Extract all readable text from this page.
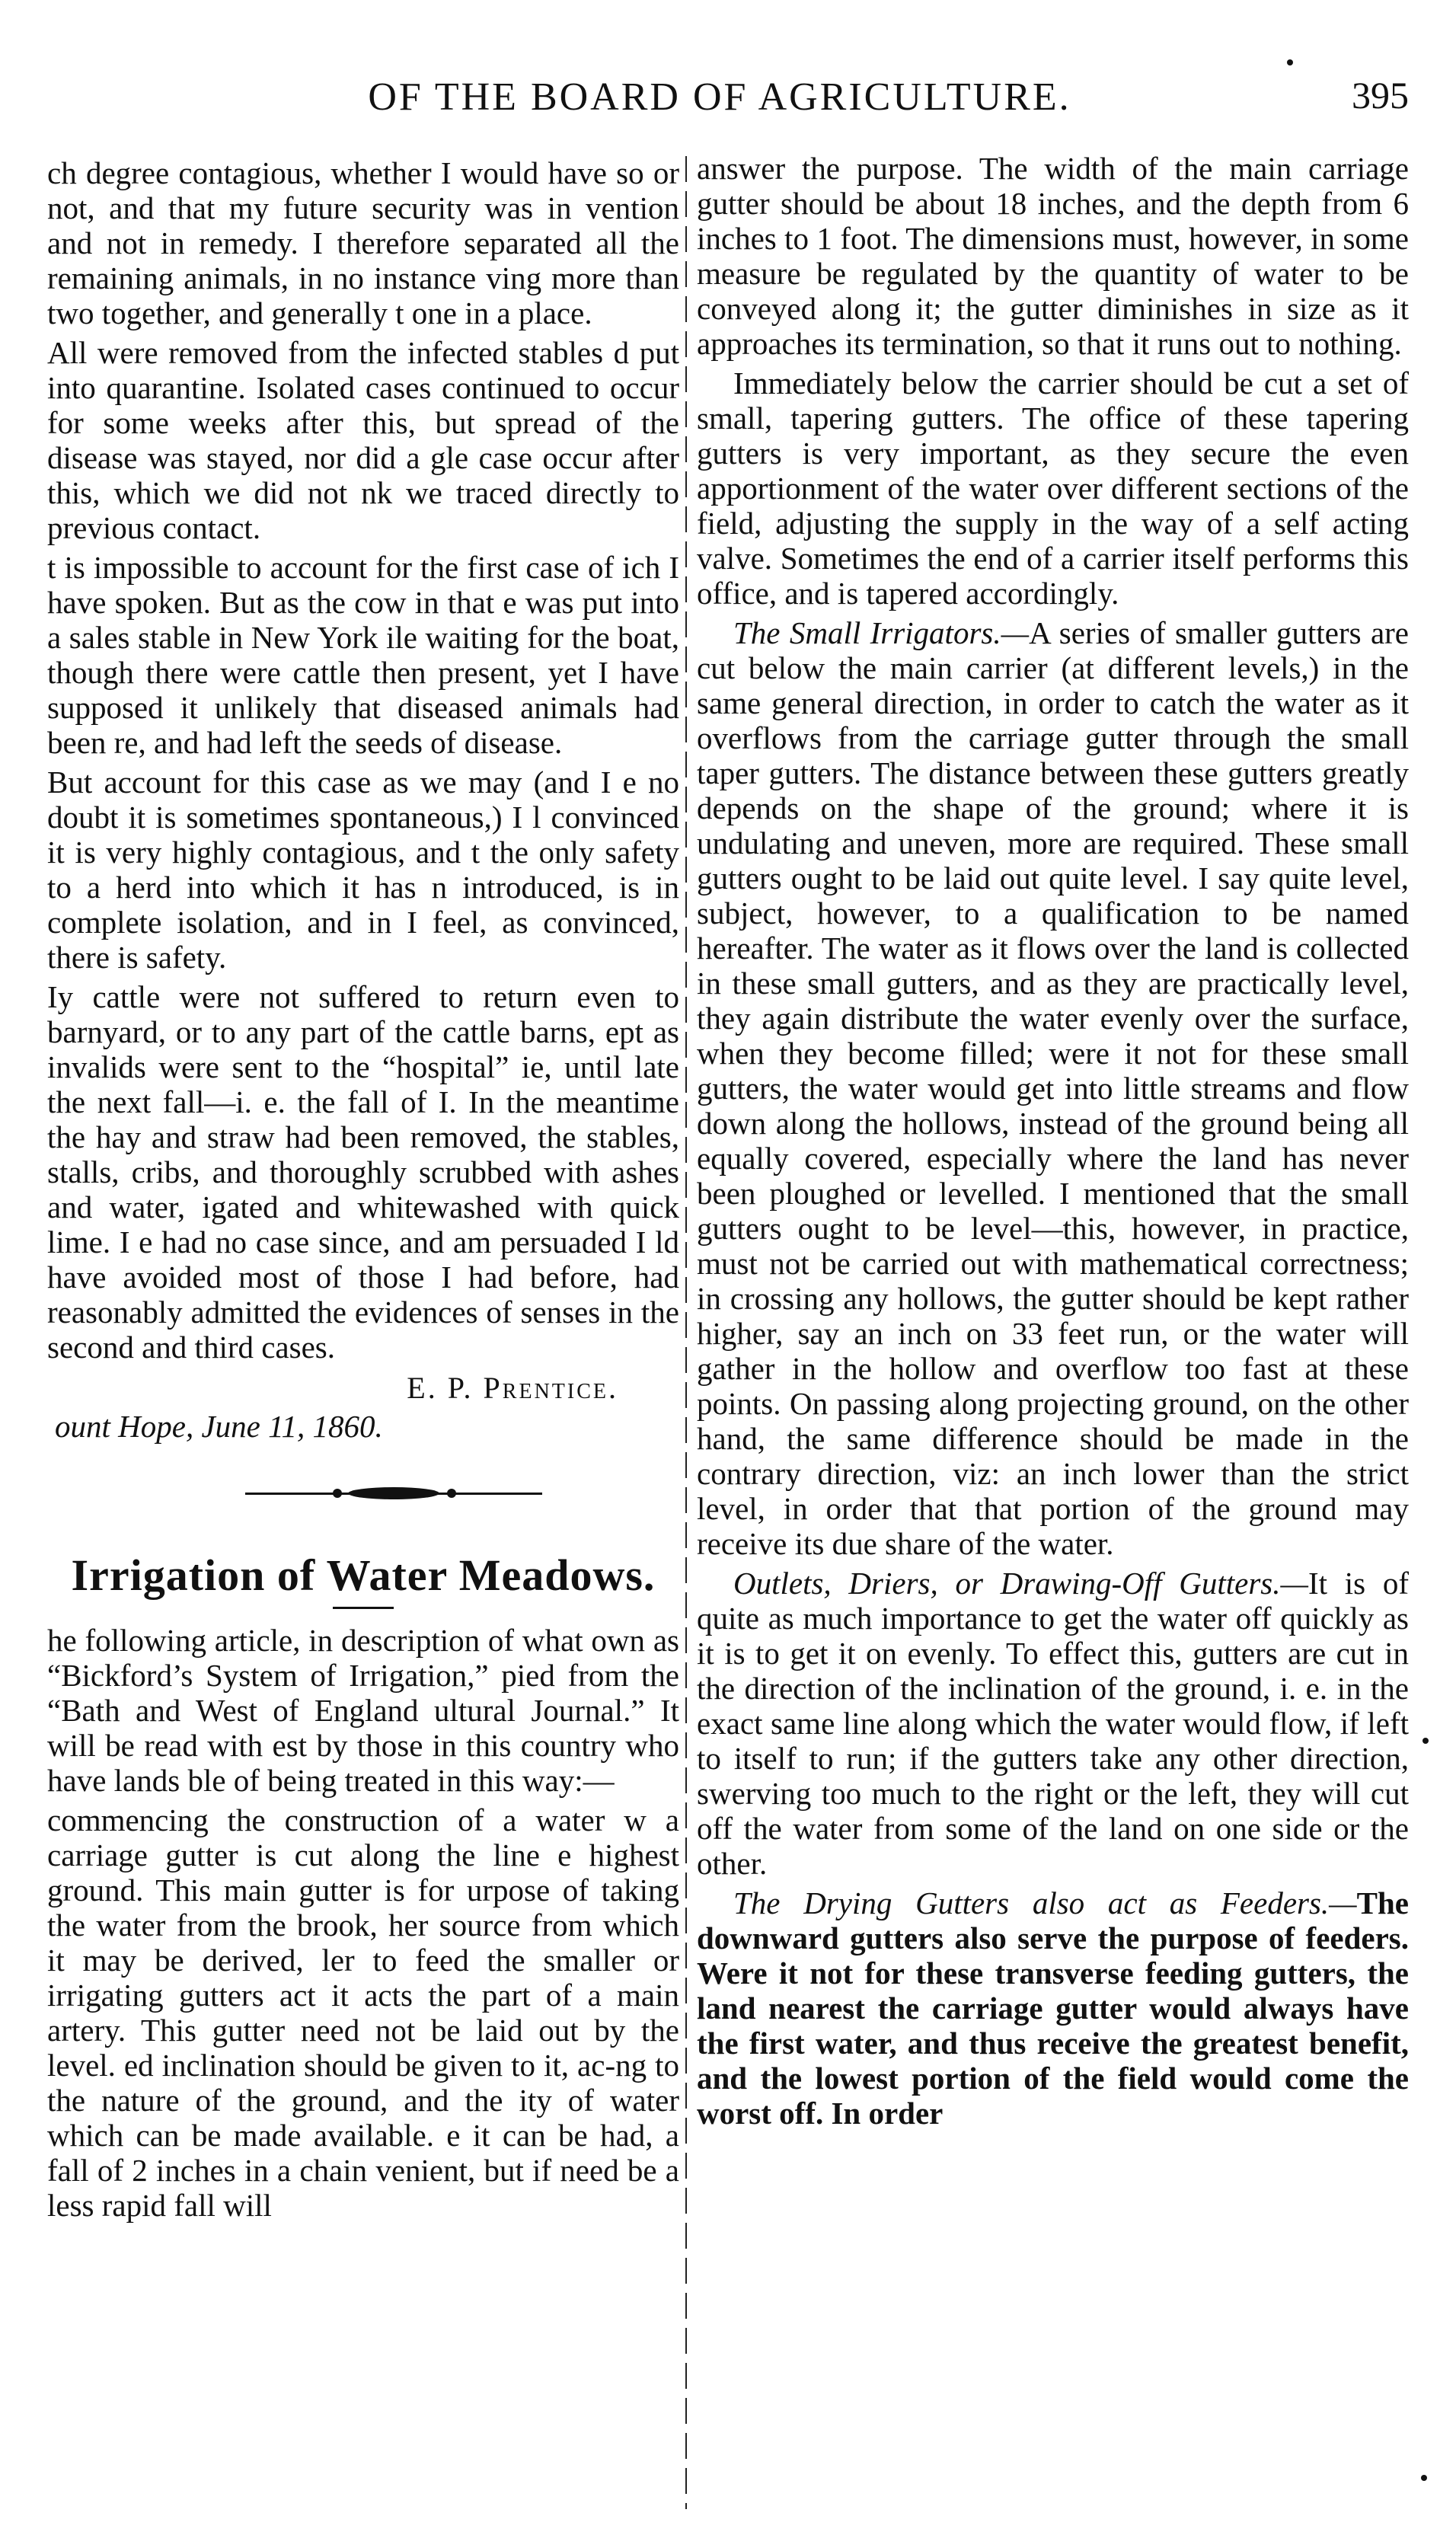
OF THE BOARD OF AGRICULTURE.	395

ch degree contagious, whether I would have so or not, and that my future security was in vention and not in remedy. I therefore separated all the remaining animals, in no instance ving more than two together, and generally t one in a place.

All were removed from the infected stables d put into quarantine. Isolated cases continued to occur for some weeks after this, but spread of the disease was stayed, nor did a gle case occur after this, which we did not nk we traced directly to previous contact.

t is impossible to account for the first case of ich I have spoken. But as the cow in that e was put into a sales stable in New York ile waiting for the boat, though there were cattle then present, yet I have supposed it unlikely that diseased animals had been re, and had left the seeds of disease.

But account for this case as we may (and I e no doubt it is sometimes spontaneous,) I l convinced it is very highly contagious, and t the only safety to a herd into which it has n introduced, is in complete isolation, and in I feel, as convinced, there is safety.

Iy cattle were not suffered to return even to barnyard, or to any part of the cattle barns, ept as invalids were sent to the “hospital” ie, until late the next fall—i. e. the fall of I. In the meantime the hay and straw had been removed, the stables, stalls, cribs, and thoroughly scrubbed with ashes and water, igated and whitewashed with quick lime. I e had no case since, and am persuaded I ld have avoided most of those I had before, had reasonably admitted the evidences of senses in the second and third cases.

E. P. Prentice.
ount Hope, June 11, 1860.
Irrigation of Water Meadows.

he following article, in description of what own as “Bickford’s System of Irrigation,” pied from the “Bath and West of England ultural Journal.” It will be read with est by those in this country who have lands ble of being treated in this way:—

commencing the construction of a water w a carriage gutter is cut along the line e highest ground. This main gutter is for urpose of taking the water from the brook, her source from which it may be derived, ler to feed the smaller or irrigating gutters act it acts the part of a main artery. This gutter need not be laid out by the level. ed inclination should be given to it, ac-ng to the nature of the ground, and the ity of water which can be made available. e it can be had, a fall of 2 inches in a chain venient, but if need be a less rapid fall will

answer the purpose. The width of the main carriage gutter should be about 18 inches, and the depth from 6 inches to 1 foot. The dimensions must, however, in some measure be regulated by the quantity of water to be conveyed along it; the gutter diminishes in size as it approaches its termination, so that it runs out to nothing.

Immediately below the carrier should be cut a set of small, tapering gutters. The office of these tapering gutters is very important, as they secure the even apportionment of the water over different sections of the field, adjusting the supply in the way of a self acting valve. Sometimes the end of a carrier itself performs this office, and is tapered accordingly.

The Small Irrigators.—A series of smaller gutters are cut below the main carrier (at different levels,) in the same general direction, in order to catch the water as it overflows from the carriage gutter through the small taper gutters. The distance between these gutters greatly depends on the shape of the ground; where it is undulating and uneven, more are required. These small gutters ought to be laid out quite level. I say quite level, subject, however, to a qualification to be named hereafter. The water as it flows over the land is collected in these small gutters, and as they are practically level, they again distribute the water evenly over the surface, when they become filled; were it not for these small gutters, the water would get into little streams and flow down along the hollows, instead of the ground being all equally covered, especially where the land has never been ploughed or levelled. I mentioned that the small gutters ought to be level—this, however, in practice, must not be carried out with mathematical correctness; in crossing any hollows, the gutter should be kept rather higher, say an inch on 33 feet run, or the water will gather in the hollow and overflow too fast at these points. On passing along projecting ground, on the other hand, the same difference should be made in the contrary direction, viz: an inch lower than the strict level, in order that that portion of the ground may receive its due share of the water.

Outlets, Driers, or Drawing-Off Gutters.—It is of quite as much importance to get the water off quickly as it is to get it on evenly. To effect this, gutters are cut in the direction of the inclination of the ground, i. e. in the exact same line along which the water would flow, if left to itself to run; if the gutters take any other direction, swerving too much to the right or the left, they will cut off the water from some of the land on one side or the other.

The Drying Gutters also act as Feeders.—The downward gutters also serve the purpose of feeders. Were it not for these transverse feeding gutters, the land nearest the carriage gutter would always have the first water, and thus receive the greatest benefit, and the lowest portion of the field would come the worst off. In order
